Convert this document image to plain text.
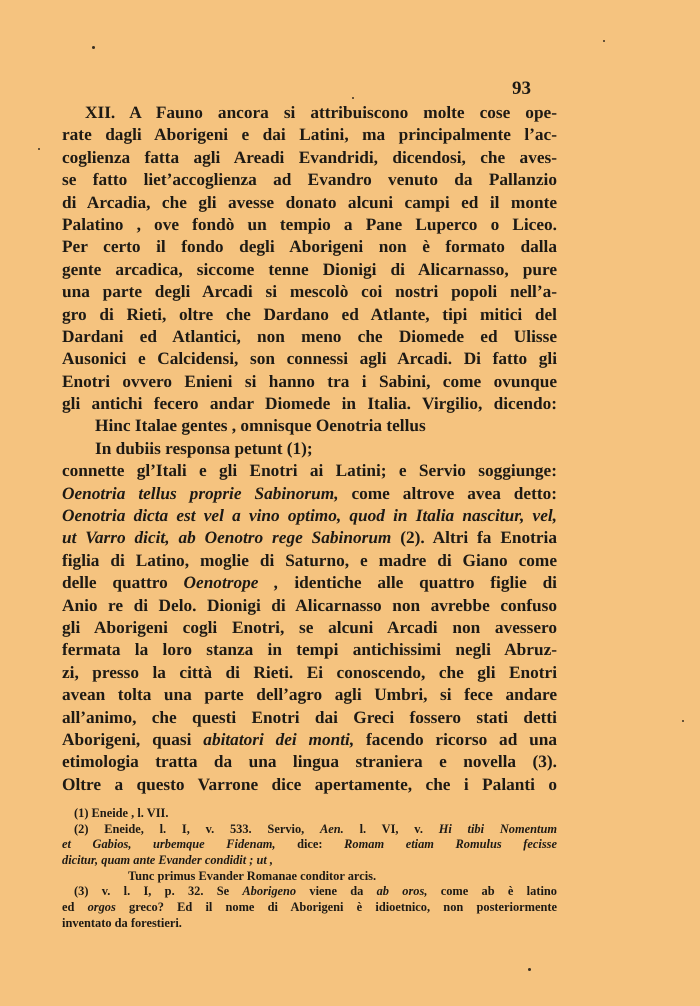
93
XII. A Fauno ancora si attribuiscono molte cose ope-
rate dagli Aborigeni e dai Latini, ma principalmente l’ac-
coglienza fatta agli Areadi Evandridi, dicendosi, che aves-
se fatto liet’accoglienza ad Evandro venuto da Pallanzio
di Arcadia, che gli avesse donato alcuni campi ed il monte
Palatino , ove fondò un tempio a Pane Luperco o Liceo.
Per certo il fondo degli Aborigeni non è formato dalla
gente arcadica, siccome tenne Dionigi di Alicarnasso, pure
una parte degli Arcadi si mescolò coi nostri popoli nell’a-
gro di Rieti, oltre che Dardano ed Atlante, tipi mitici del
Dardani ed Atlantici, non meno che Diomede ed Ulisse
Ausonici e Calcidensi, son connessi agli Arcadi. Di fatto gli
Enotri ovvero Enieni si hanno tra i Sabini, come ovunque
gli antichi fecero andar Diomede in Italia. Virgilio, dicendo:
Hinc Italae gentes , omnisque Oenotria tellus
In dubiis responsa petunt (1);
connette gl’Itali e gli Enotri ai Latini; e Servio soggiunge:
Oenotria tellus proprie Sabinorum, come altrove avea detto:
Oenotria dicta est vel a vino optimo, quod in Italia nascitur, vel,
ut Varro dicit, ab Oenotro rege Sabinorum (2). Altri fa Enotria
figlia di Latino, moglie di Saturno, e madre di Giano come
delle quattro Oenotrope , identiche alle quattro figlie di
Anio re di Delo. Dionigi di Alicarnasso non avrebbe confuso
gli Aborigeni cogli Enotri, se alcuni Arcadi non avessero
fermata la loro stanza in tempi antichissimi negli Abruz-
zi, presso la città di Rieti. Ei conoscendo, che gli Enotri
avean tolta una parte dell’agro agli Umbri, si fece andare
all’animo, che questi Enotri dai Greci fossero stati detti
Aborigeni, quasi abitatori dei monti, facendo ricorso ad una
etimologia tratta da una lingua straniera e novella (3).
Oltre a questo Varrone dice apertamente, che i Palanti o
(1) Eneide , l. VII.
(2) Eneide, l. I, v. 533. Servio, Aen. l. VI, v. Hi tibi Nomentum
et Gabios, urbemque Fidenam, dice: Romam etiam Romulus fecisse
dicitur, quam ante Evander condidit ; ut ,
Tunc primus Evander Romanae conditor arcis.
(3) v. l. I, p. 32. Se Aborigeno viene da ab oros, come ab è latino
ed orgos greco? Ed il nome di Aborigeni è idioetnico, non posteriormente
inventato da forestieri.
